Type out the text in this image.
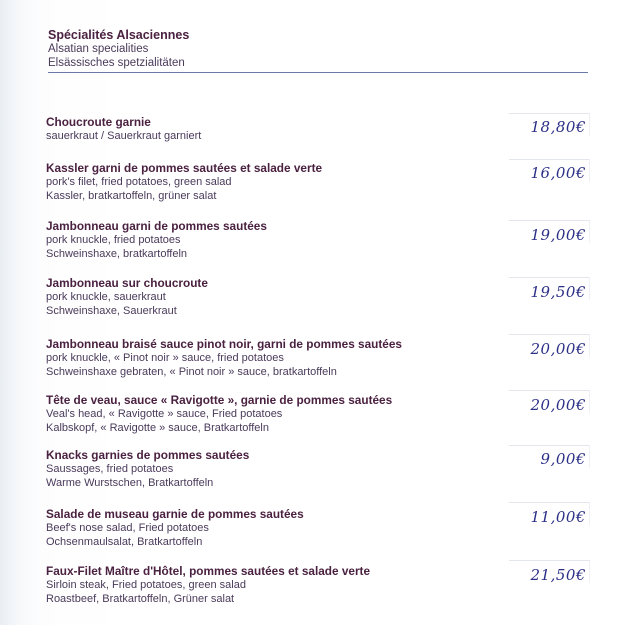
Spécialités Alsaciennes
Alsatian specialities
Elsässisches spetzialitäten
Choucroute garnie
sauerkraut / Sauerkraut garniert	18,80€
Kassler garni de pommes sautées et salade verte
pork's filet, fried potatoes, green salad
Kassler, bratkartoffeln, grüner salat
16,00€
Jambonneau garni de pommes sautées
pork knuckle, fried potatoes
Schweinshaxe, bratkartoffeln
19,00€
Jambonneau sur choucroute
pork knuckle, sauerkraut
Schweinshaxe, Sauerkraut
19,50€
Jambonneau braisé sauce pinot noir, garni de pommes sautées
pork knuckle, « Pinot noir » sauce, fried potatoes
Schweinshaxe gebraten, « Pinot noir » sauce, bratkartoffeln
20,00€
Tête de veau, sauce « Ravigotte », garnie de pommes sautées
Veal's head, « Ravigotte » sauce, Fried potatoes
Kalbskopf, « Ravigotte » sauce, Bratkartoffeln
20,00€
Knacks garnies de pommes sautées
Saussages, fried potatoes
Warme Wurstschen, Bratkartoffeln
9,00€
Salade de museau garnie de pommes sautées
Beef's nose salad, Fried potatoes
Ochsenmaulsalat, Bratkartoffeln
11,00€
Faux-Filet Maître d'Hôtel, pommes sautées et salade verte
Sirloin steak, Fried potatoes, green salad
Roastbeef, Bratkartoffeln, Grüner salat
21,50€
